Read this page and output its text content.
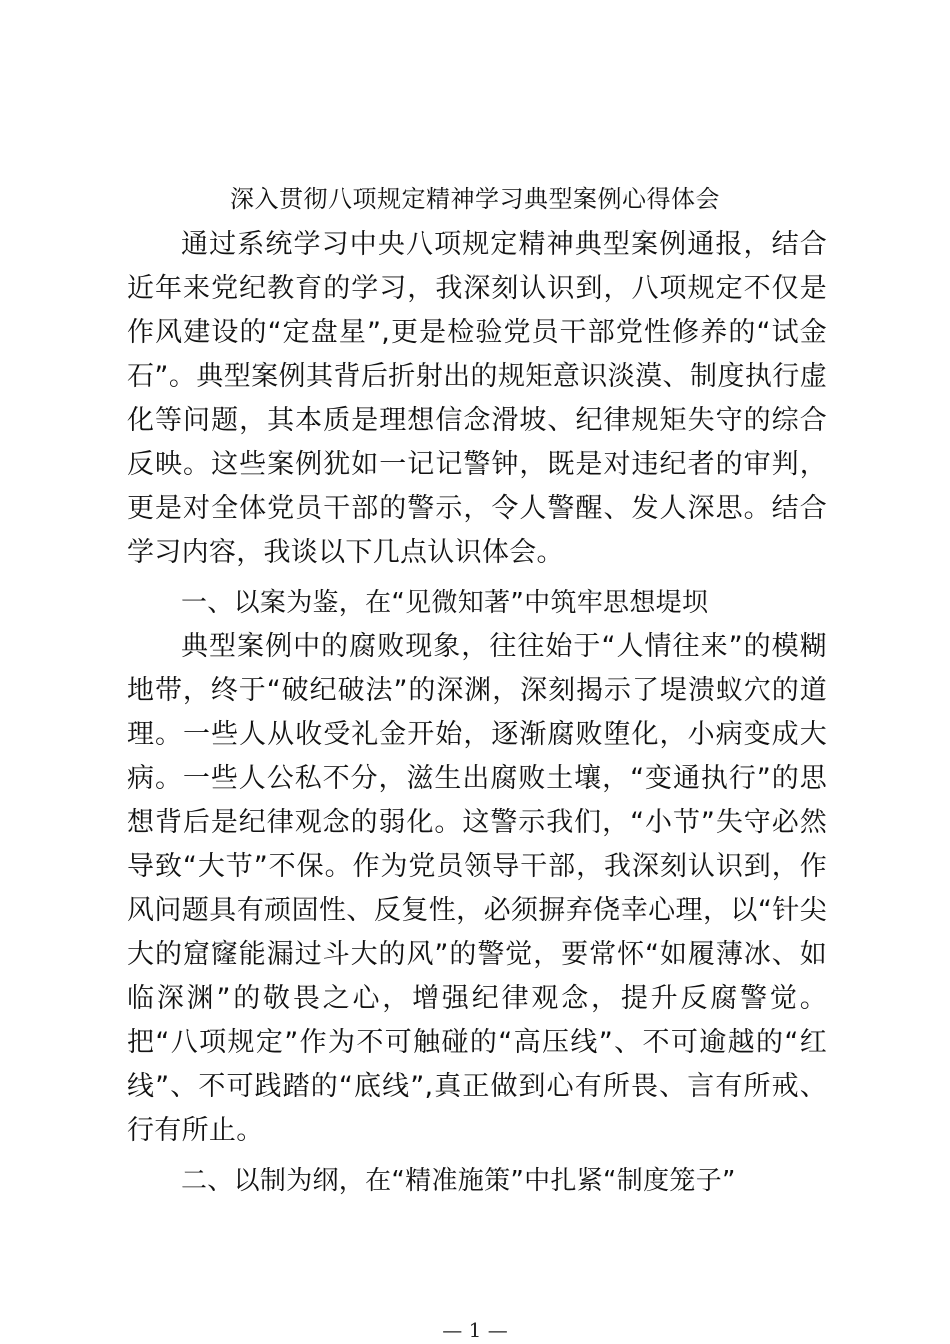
深入贯彻八项规定精神学习典型案例心得体会

通过系统学习中央八项规定精神典型案例通报，结合近年来党纪教育的学习，我深刻认识到，八项规定不仅是作风建设的“定盘星”,更是检验党员干部党性修养的“试金石”。典型案例其背后折射出的规矩意识淡漠、制度执行虚化等问题，其本质是理想信念滑坡、纪律规矩失守的综合反映。这些案例犹如一记记警钟，既是对违纪者的审判，更是对全体党员干部的警示，令人警醒、发人深思。结合学习内容，我谈以下几点认识体会。

一、以案为鉴，在“见微知著”中筑牢思想堤坝

典型案例中的腐败现象，往往始于“人情往来”的模糊地带，终于“破纪破法”的深渊，深刻揭示了堤溃蚁穴的道理。一些人从收受礼金开始，逐渐腐败堕化，小病变成大病。一些人公私不分，滋生出腐败土壤，“变通执行”的思想背后是纪律观念的弱化。这警示我们，“小节”失守必然导致“大节”不保。作为党员领导干部，我深刻认识到，作风问题具有顽固性、反复性，必须摒弃侥幸心理，以“针尖大的窟窿能漏过斗大的风”的警觉，要常怀“如履薄冰、如临深渊”的敬畏之心，增强纪律观念，提升反腐警觉。把“八项规定”作为不可触碰的“高压线”、不可逾越的“红线”、不可践踏的“底线”,真正做到心有所畏、言有所戒、行有所止。

二、以制为纲，在“精准施策”中扎紧“制度笼子”

— 1 —
